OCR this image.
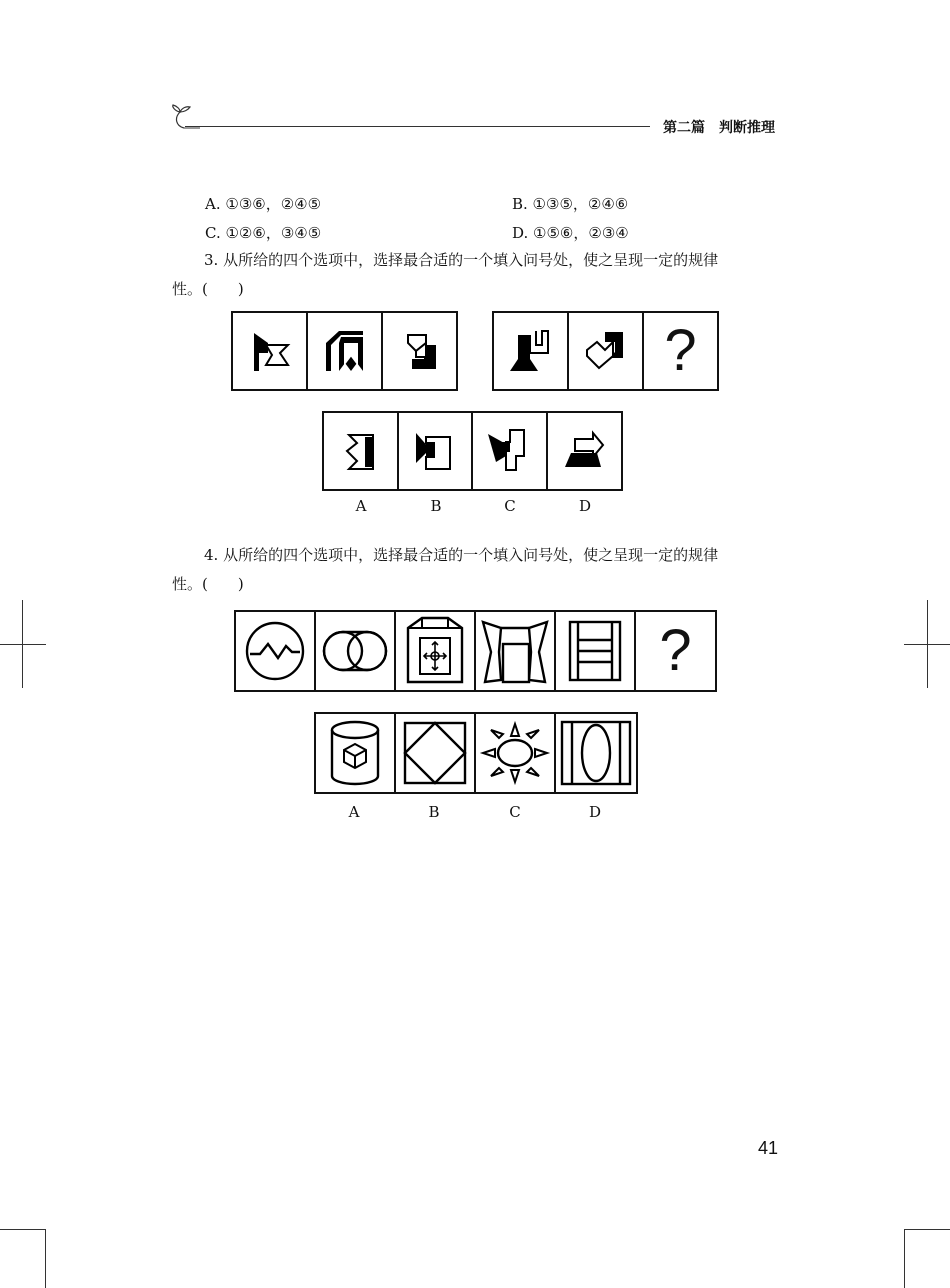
第二篇 判断推理
A. ①③⑥，②④⑤	B. ①③⑤，②④⑥
C. ①②⑥，③④⑤	D. ①⑤⑥，②③④
3. 从所给的四个选项中，选择最合适的一个填入问号处，使之呈现一定的规律
性。(　　)
?
A	B	C	D
4. 从所给的四个选项中，选择最合适的一个填入问号处，使之呈现一定的规律
性。(　　)
?
A	B	C	D
41
